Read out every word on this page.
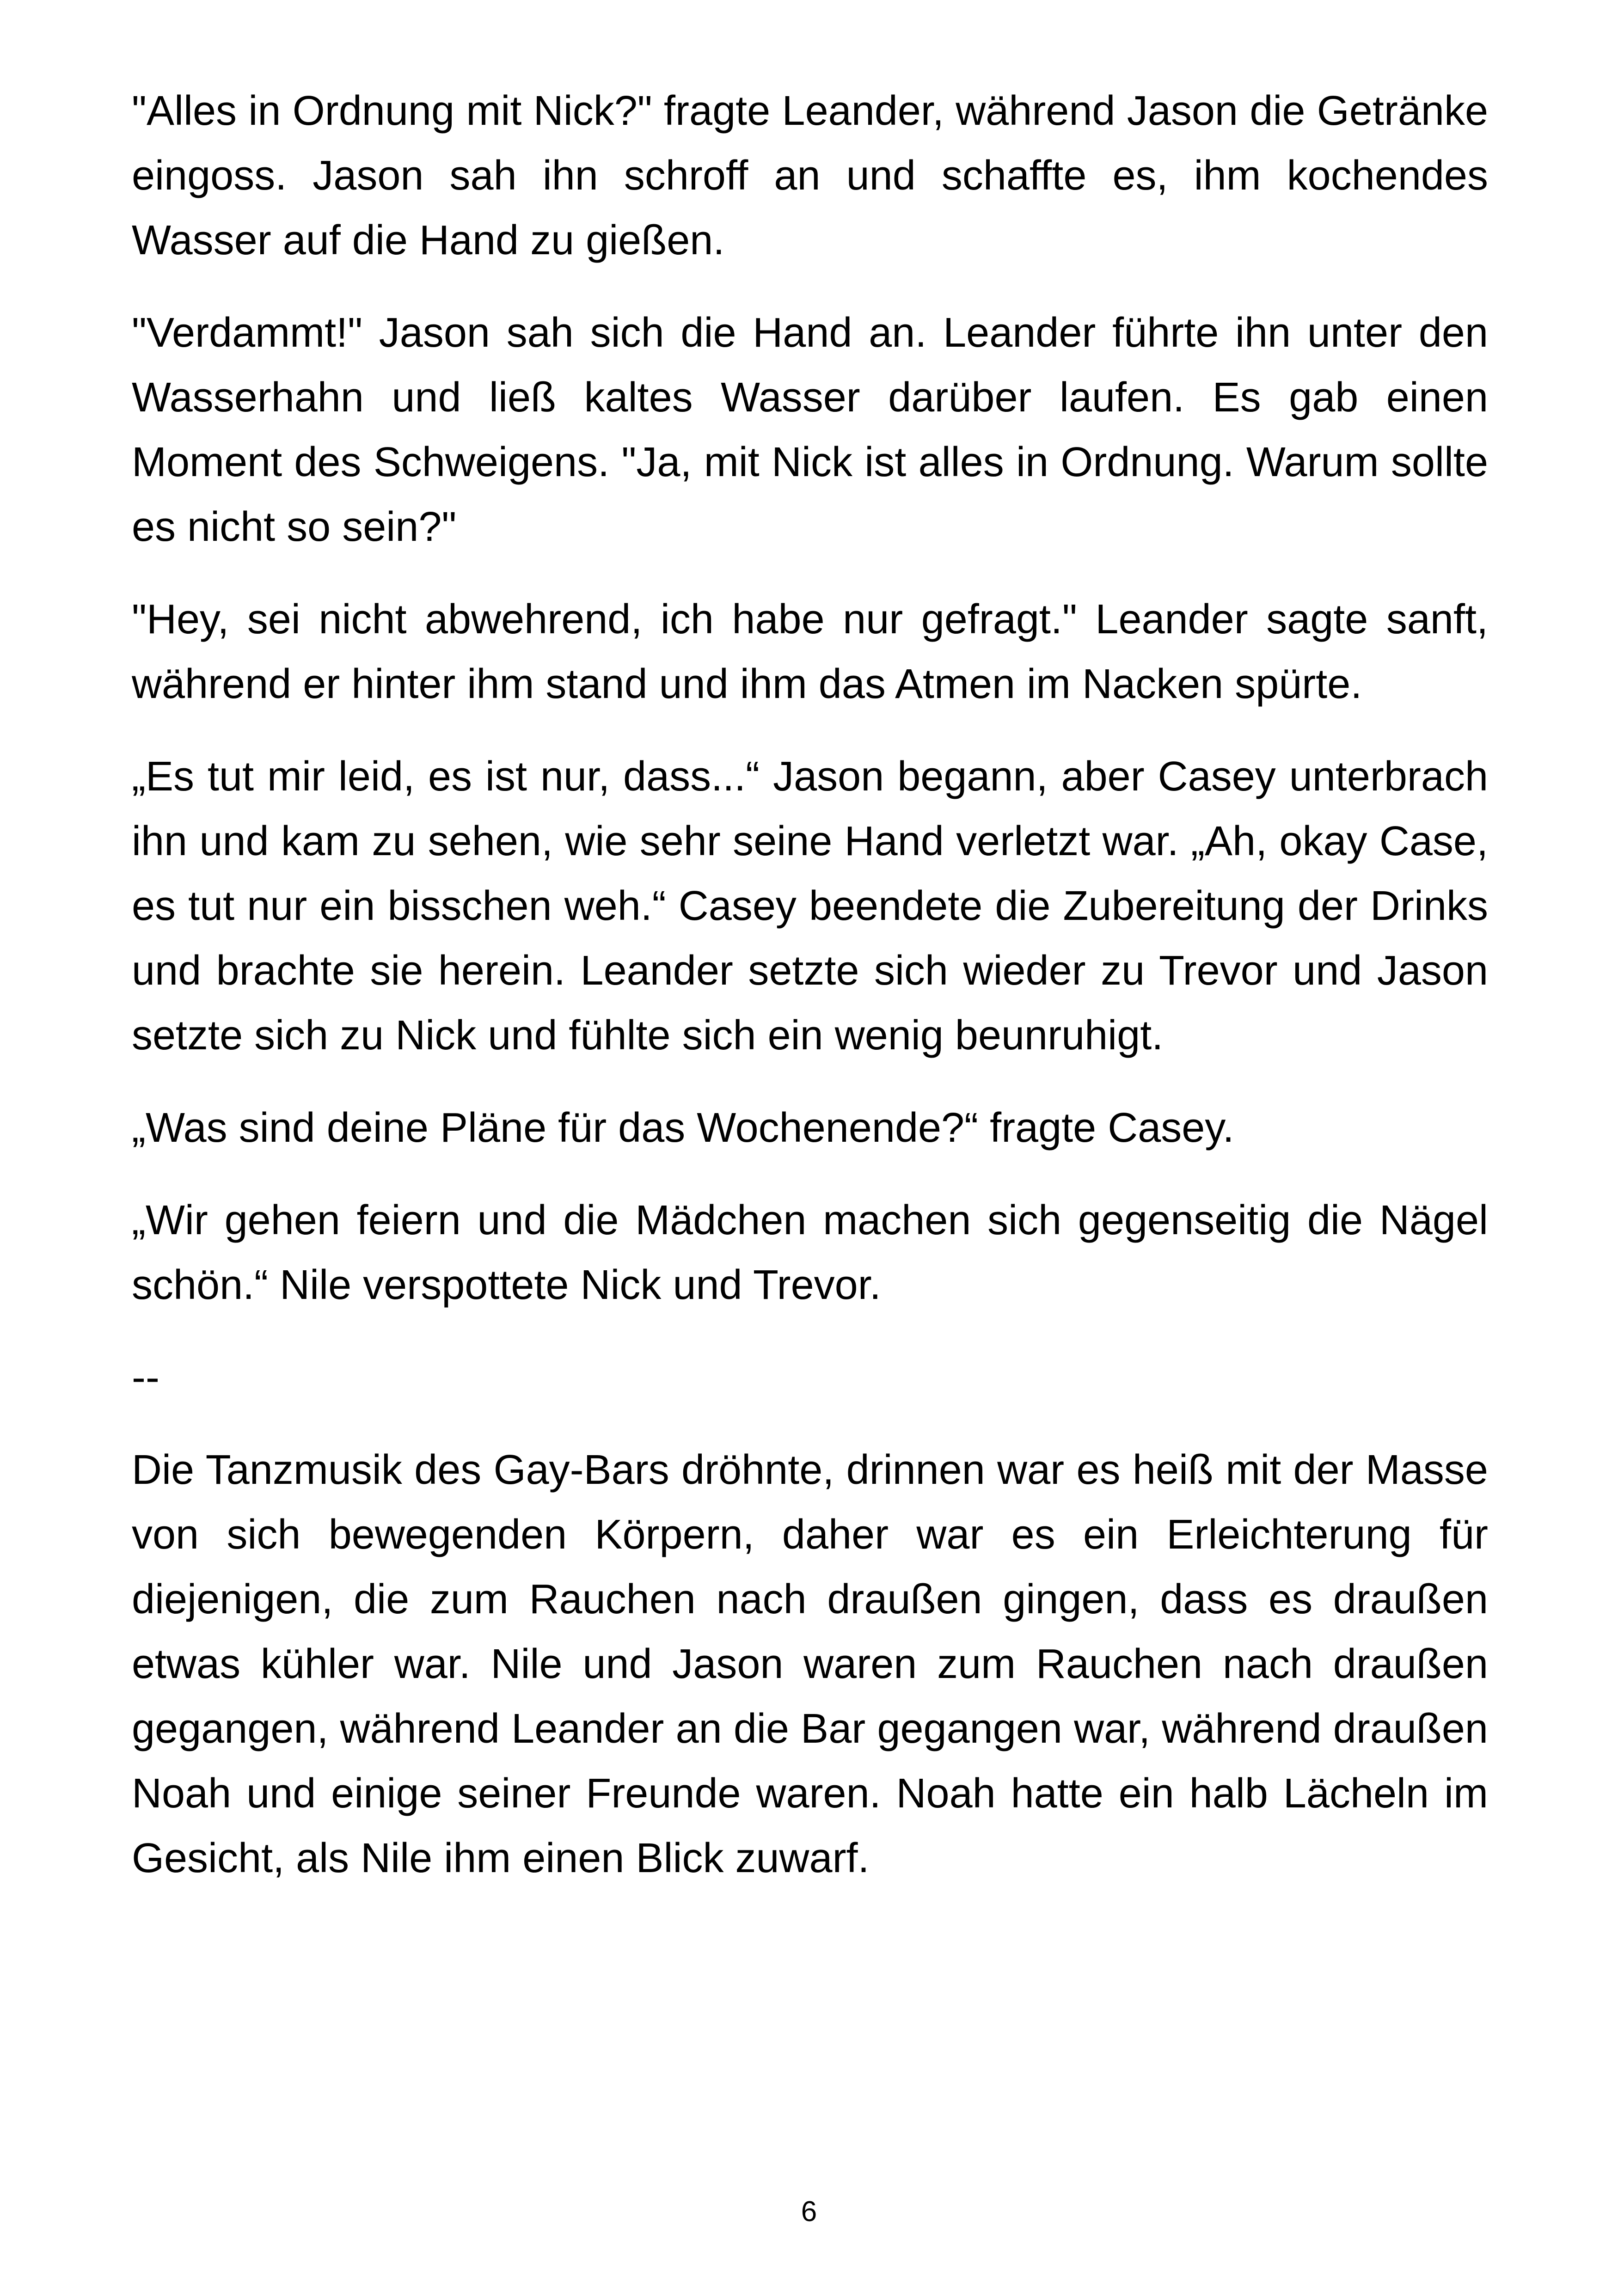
"Alles in Ordnung mit Nick?" fragte Leander, während Jason die Getränke eingoss. Jason sah ihn schroff an und schaffte es, ihm kochendes Wasser auf die Hand zu gießen.

"Verdammt!" Jason sah sich die Hand an. Leander führte ihn unter den Wasserhahn und ließ kaltes Wasser darüber laufen. Es gab einen Moment des Schweigens. "Ja, mit Nick ist alles in Ordnung. Warum sollte es nicht so sein?"

"Hey, sei nicht abwehrend, ich habe nur gefragt." Leander sagte sanft, während er hinter ihm stand und ihm das Atmen im Nacken spürte.

„Es tut mir leid, es ist nur, dass...“ Jason begann, aber Casey unterbrach ihn und kam zu sehen, wie sehr seine Hand verletzt war. „Ah, okay Case, es tut nur ein bisschen weh.“ Casey beendete die Zubereitung der Drinks und brachte sie herein. Leander setzte sich wieder zu Trevor und Jason setzte sich zu Nick und fühlte sich ein wenig beunruhigt.

„Was sind deine Pläne für das Wochenende?“ fragte Casey.

„Wir gehen feiern und die Mädchen machen sich gegenseitig die Nägel schön.“ Nile verspottete Nick und Trevor.

--

Die Tanzmusik des Gay-Bars dröhnte, drinnen war es heiß mit der Masse von sich bewegenden Körpern, daher war es ein Erleichterung für diejenigen, die zum Rauchen nach draußen gingen, dass es draußen etwas kühler war. Nile und Jason waren zum Rauchen nach draußen gegangen, während Leander an die Bar gegangen war, während draußen Noah und einige seiner Freunde waren. Noah hatte ein halb Lächeln im Gesicht, als Nile ihm einen Blick zuwarf.

6
